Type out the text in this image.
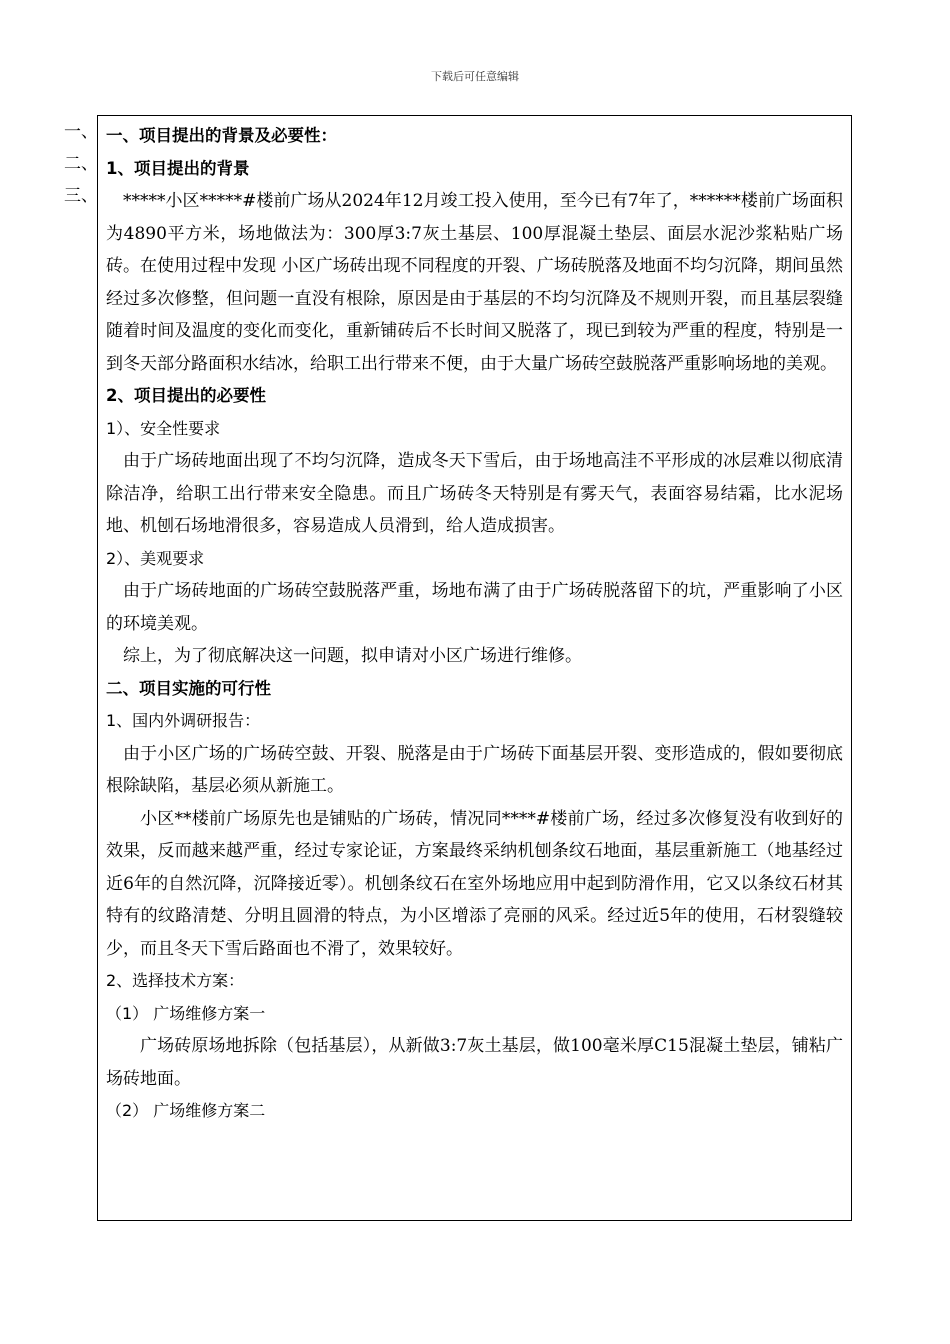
下载后可任意编辑
一、
二、
三、

一、项目提出的背景及必要性：

1、项目提出的背景

*****小区*****#楼前广场从2024年12月竣工投入使用，至今已有7年了，******楼前广场面积为4890平方米，场地做法为：300厚3:7灰土基层、100厚混凝土垫层、面层水泥沙浆粘贴广场砖。在使用过程中发现 小区广场砖出现不同程度的开裂、广场砖脱落及地面不均匀沉降，期间虽然经过多次修整，但问题一直没有根除，原因是由于基层的不均匀沉降及不规则开裂，而且基层裂缝随着时间及温度的变化而变化，重新铺砖后不长时间又脱落了，现已到较为严重的程度，特别是一到冬天部分路面积水结冰，给职工出行带来不便，由于大量广场砖空鼓脱落严重影响场地的美观。

2、项目提出的必要性

1）、安全性要求

由于广场砖地面出现了不均匀沉降，造成冬天下雪后，由于场地高洼不平形成的冰层难以彻底清除洁净，给职工出行带来安全隐患。而且广场砖冬天特别是有雾天气，表面容易结霜，比水泥场地、机刨石场地滑很多，容易造成人员滑到，给人造成损害。

2）、美观要求

由于广场砖地面的广场砖空鼓脱落严重，场地布满了由于广场砖脱落留下的坑，严重影响了小区的环境美观。

综上，为了彻底解决这一问题，拟申请对小区广场进行维修。

二、项目实施的可行性

1、国内外调研报告：

由于小区广场的广场砖空鼓、开裂、脱落是由于广场砖下面基层开裂、变形造成的，假如要彻底根除缺陷，基层必须从新施工。

小区**楼前广场原先也是铺贴的广场砖，情况同****#楼前广场，经过多次修复没有收到好的效果，反而越来越严重，经过专家论证，方案最终采纳机刨条纹石地面，基层重新施工（地基经过近6年的自然沉降，沉降接近零）。机刨条纹石在室外场地应用中起到防滑作用，它又以条纹石材其特有的纹路清楚、分明且圆滑的特点，为小区增添了亮丽的风采。经过近5年的使用，石材裂缝较少，而且冬天下雪后路面也不滑了，效果较好。

2、选择技术方案：

（1） 广场维修方案一

广场砖原场地拆除（包括基层），从新做3:7灰土基层，做100毫米厚C15混凝土垫层，铺粘广场砖地面。

（2） 广场维修方案二
